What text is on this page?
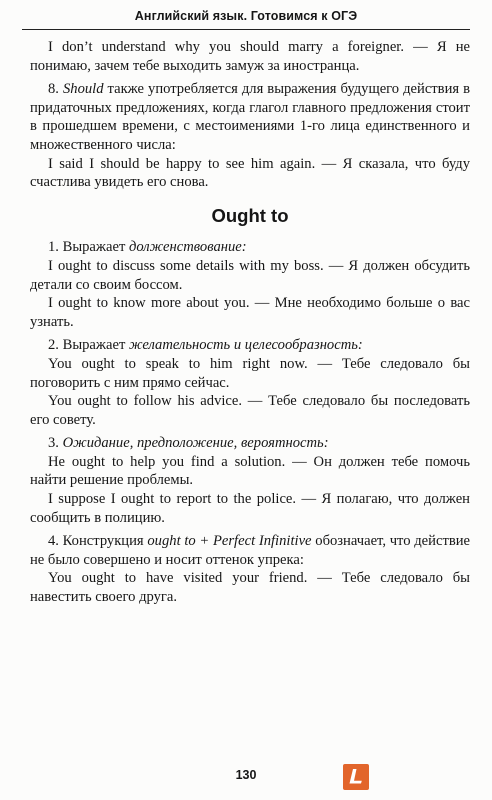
Английский язык. Готовимся к ОГЭ

I don’t understand why you should marry a foreigner. — Я не понимаю, зачем тебе выходить замуж за иностранца.

8. Should также употребляется для выражения будущего действия в придаточных предложениях, когда глагол главного предложения стоит в прошедшем времени, с местоимениями 1-го лица единственного и множественного числа:

I said I should be happy to see him again. — Я сказала, что буду счастлива увидеть его снова.

Ought to

1. Выражает долженствование:

I ought to discuss some details with my boss. — Я должен обсудить детали со своим боссом.

I ought to know more about you. — Мне необходимо больше о вас узнать.

2. Выражает желательность и целесообразность:

You ought to speak to him right now. — Тебе следовало бы поговорить с ним прямо сейчас.

You ought to follow his advice. — Тебе следовало бы последовать его совету.

3. Ожидание, предположение, вероятность:

He ought to help you find a solution. — Он должен тебе помочь найти решение проблемы.

I suppose I ought to report to the police. — Я полагаю, что должен сообщить в полицию.

4. Конструкция ought to + Perfect Infinitive обозначает, что действие не было совершено и носит оттенок упрека:

You ought to have visited your friend. — Тебе следовало бы навестить своего друга.

130
